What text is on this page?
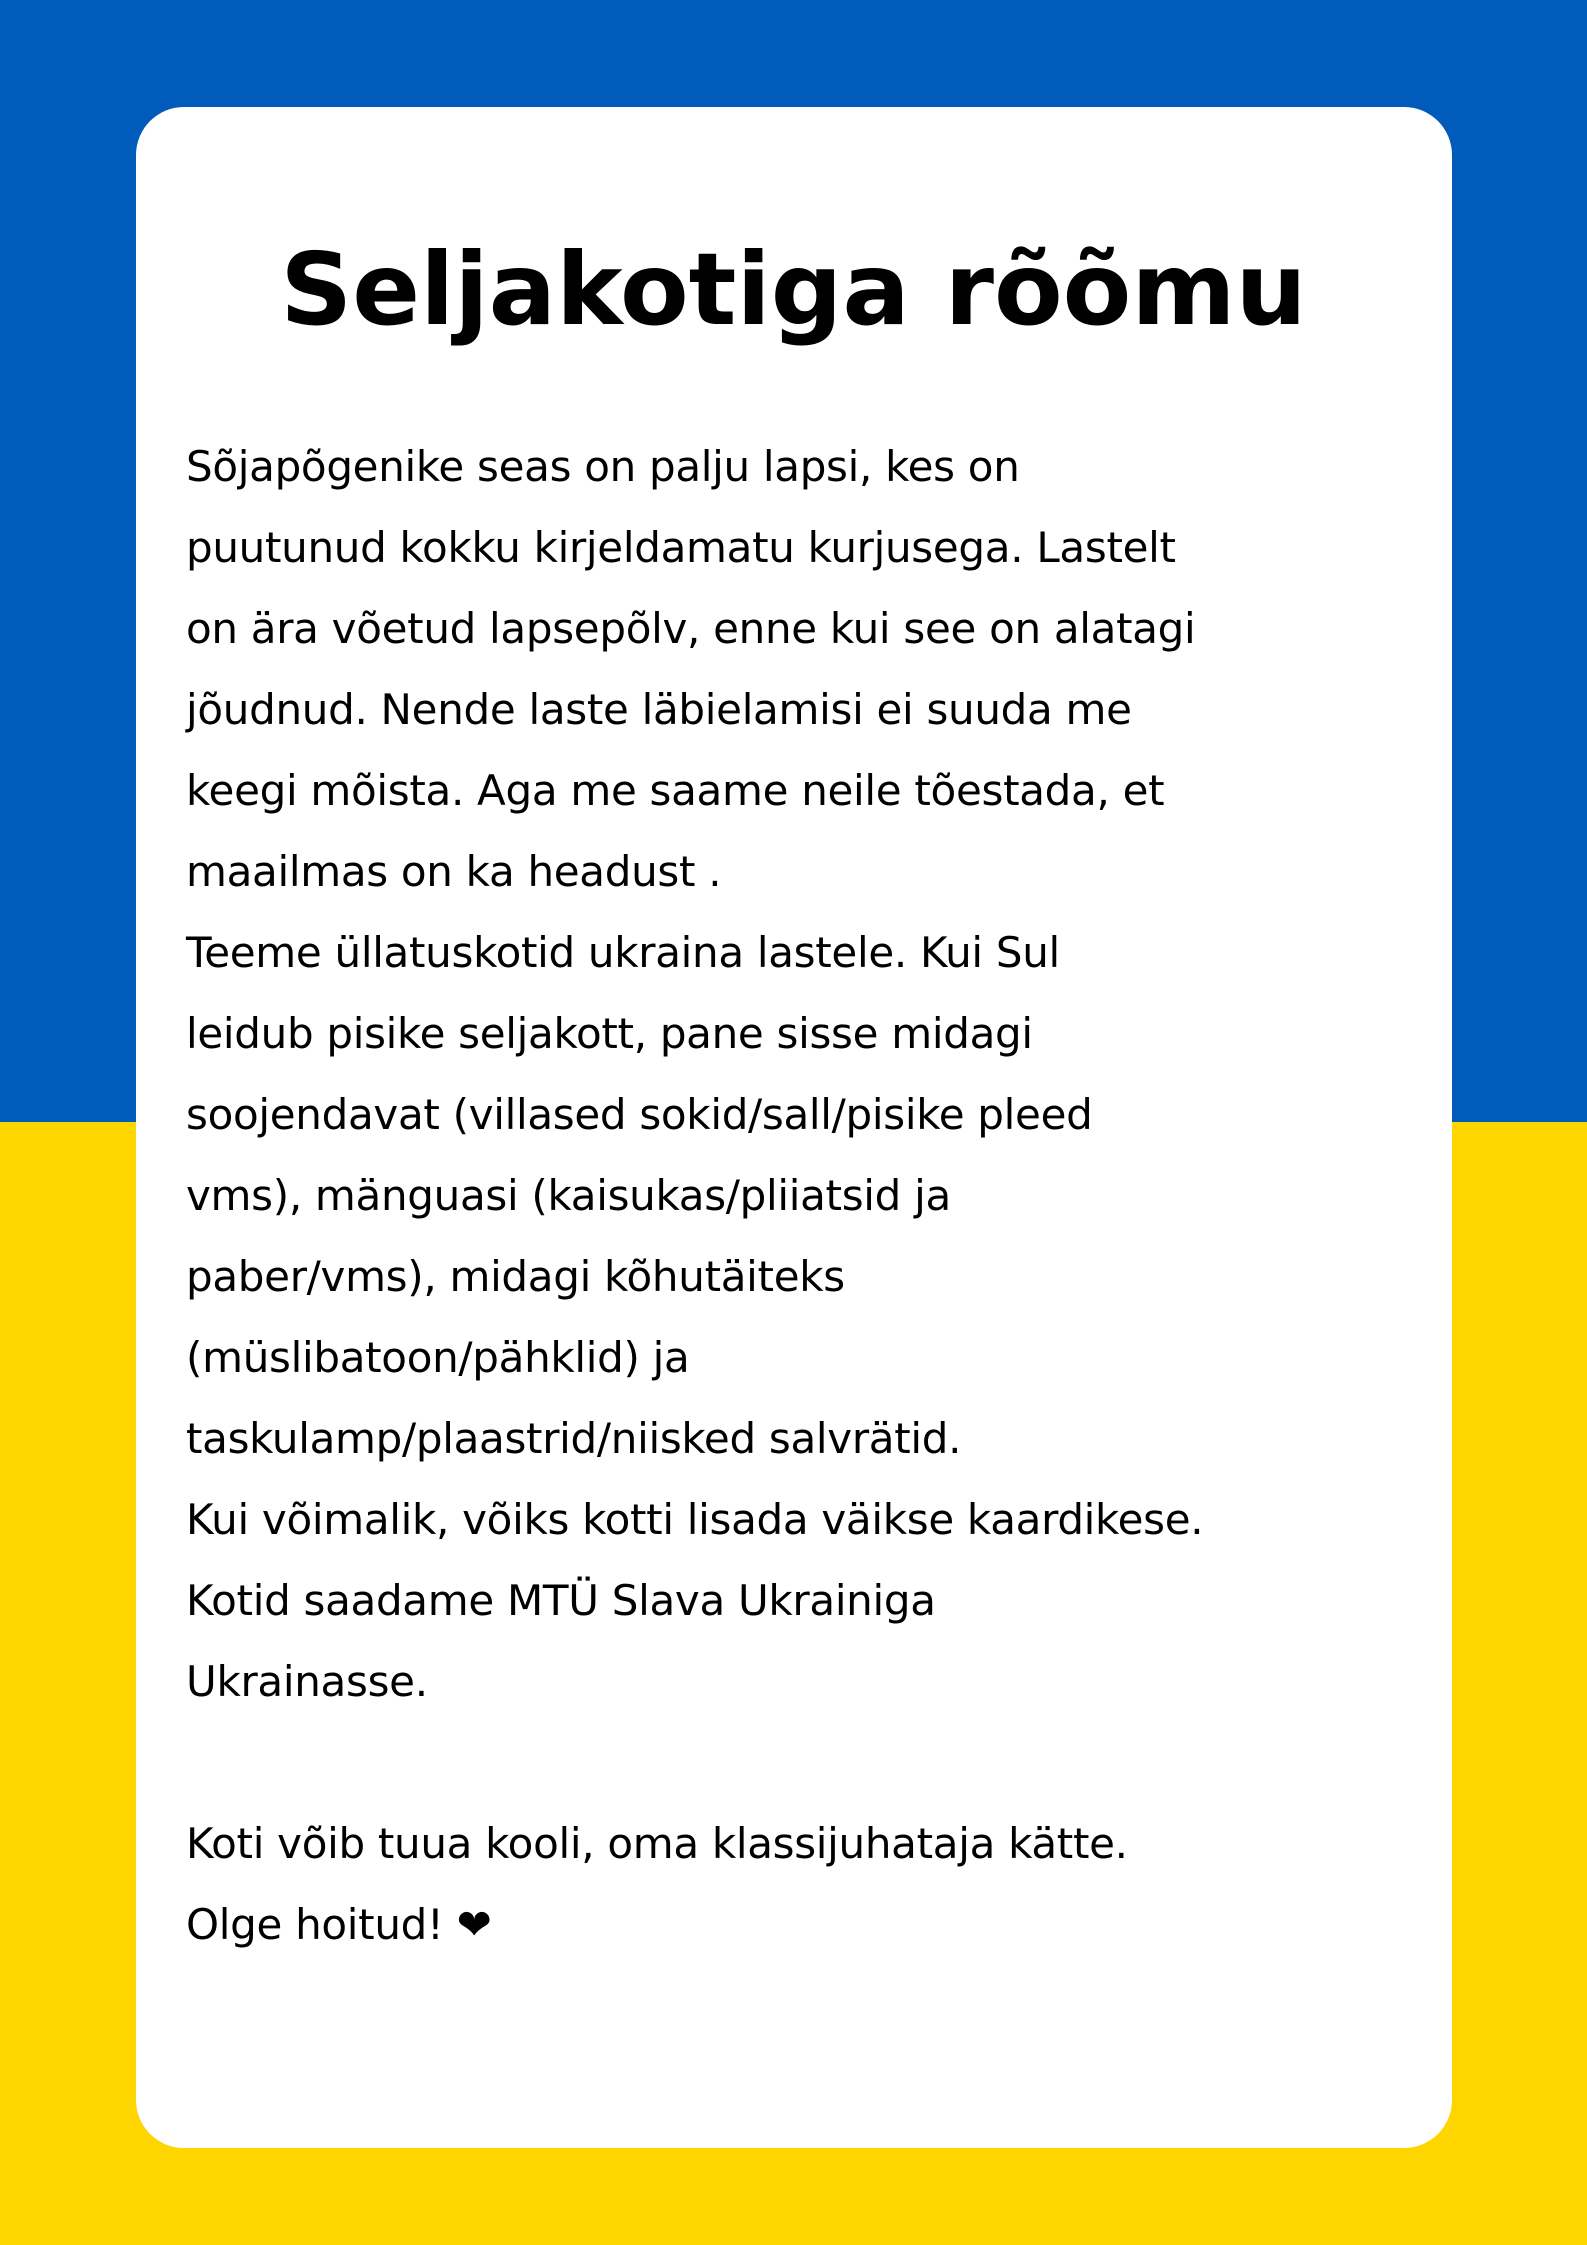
Seljakotiga rõõmu
Sõjapõgenike seas on palju lapsi, kes on
puutunud kokku kirjeldamatu kurjusega. Lastelt
on ära võetud lapsepõlv, enne kui see on alatagi
jõudnud. Nende laste läbielamisi ei suuda me
keegi mõista. Aga me saame neile tõestada, et
maailmas on ka headust .
Teeme üllatuskotid ukraina lastele. Kui Sul
leidub pisike seljakott, pane sisse midagi
soojendavat (villased sokid/sall/pisike pleed
vms), mänguasi (kaisukas/pliiatsid ja
paber/vms), midagi kõhutäiteks
(müslibatoon/pähklid) ja
taskulamp/plaastrid/niisked salvrätid.
Kui võimalik, võiks kotti lisada väikse kaardikese.
Kotid saadame MTÜ Slava Ukrainiga
Ukrainasse.
Koti võib tuua kooli, oma klassijuhataja kätte.
Olge hoitud! ❤
